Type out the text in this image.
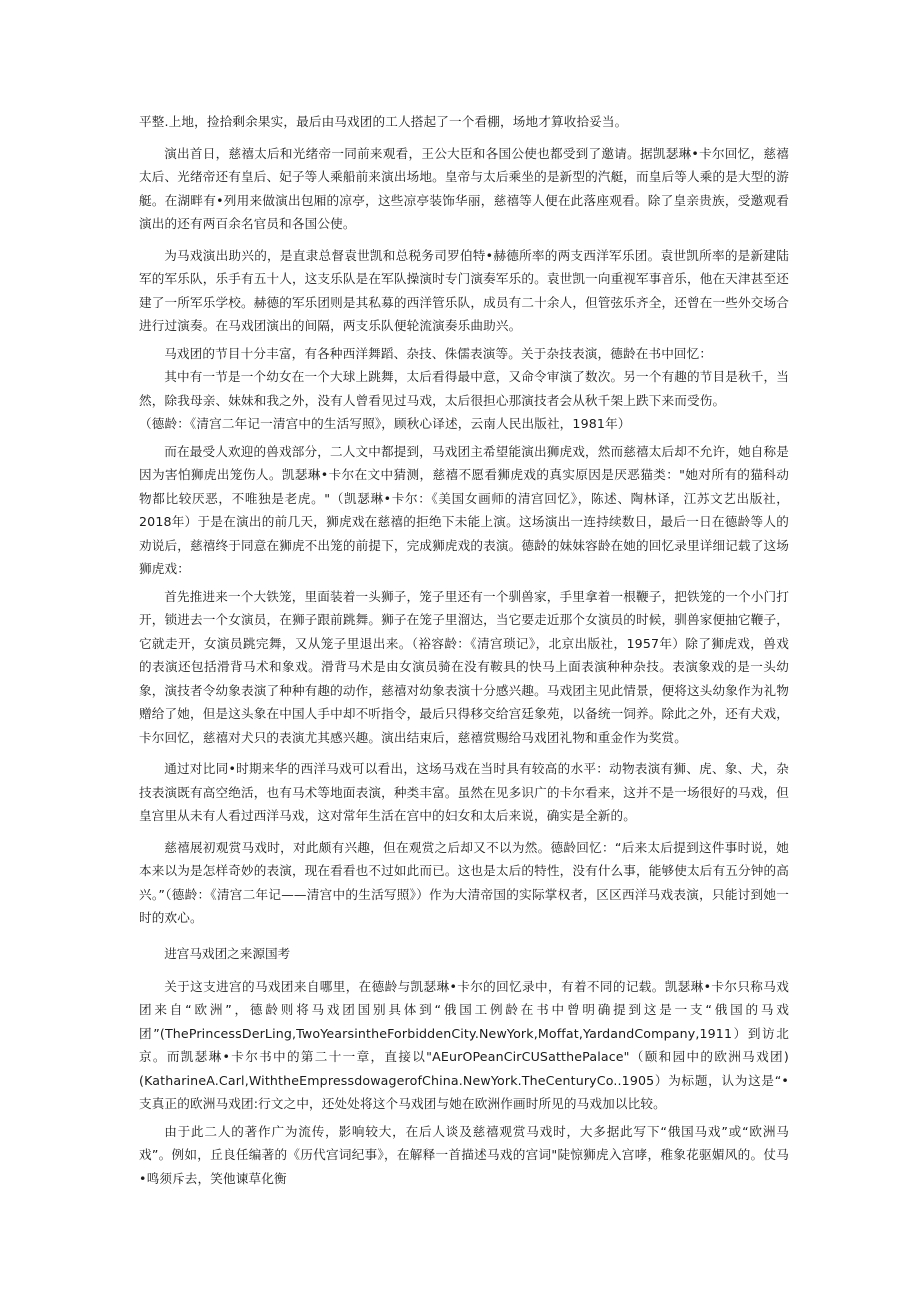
平整.上地，捡拾剩余果实，最后由马戏团的工人搭起了一个看棚，场地才算收拾妥当。

演出首日，慈禧太后和光绪帝一同前来观看，王公大臣和各国公使也都受到了邀请。据凯瑟琳•卡尔回忆，慈禧太后、光绪帝还有皇后、妃子等人乘船前来演出场地。皇帝与太后乘坐的是新型的汽艇，而皇后等人乘的是大型的游艇。在湖畔有•列用来做演出包厢的凉亭，这些凉亭装饰华丽，慈禧等人便在此落座观看。除了皇亲贵族，受邀观看演出的还有两百余名官员和各国公使。

为马戏演出助兴的，是直隶总督袁世凯和总税务司罗伯特•赫德所率的两支西洋军乐团。袁世凯所率的是新建陆军的军乐队，乐手有五十人，这支乐队是在军队操演时专门演奏军乐的。袁世凯一向重视军事音乐，他在天津甚至还建了一所军乐学校。赫德的军乐团则是其私募的西洋管乐队，成员有二十余人，但管弦乐齐全，还曾在一些外交场合进行过演奏。在马戏团演出的间隔，两支乐队便轮流演奏乐曲助兴。

马戏团的节目十分丰富，有各种西洋舞蹈、杂技、侏儒表演等。关于杂技表演，德龄在书中回忆：

其中有一节是一个幼女在一个大球上跳舞，太后看得最中意，又命令审演了数次。另一个有趣的节目是秋千，当然，除我母亲、妹妹和我之外，没有人曾看见过马戏，太后很担心那演技者会从秋千架上跌下来而受伤。

（德龄：《清宫二年记一清宫中的生活写照》，顾秋心译述，云南人民出版社，1981年）

而在最受人欢迎的兽戏部分，二人文中都提到，马戏团主希望能演出狮虎戏，然而慈禧太后却不允许，她自称是因为害怕狮虎出笼伤人。凯瑟琳•卡尔在文中猜测，慈禧不愿看狮虎戏的真实原因是厌恶猫类："她对所有的猫科动物都比较厌恶，不唯独是老虎。"（凯瑟琳•卡尔：《美国女画师的清宫回忆》，陈述、陶林译，江苏文艺出版社，2018年）于是在演出的前几天，狮虎戏在慈禧的拒绝下未能上演。这场演出一连持续数日，最后一日在德龄等人的劝说后，慈禧终于同意在狮虎不出笼的前提下，完成狮虎戏的表演。德龄的妹妹容龄在她的回忆录里详细记载了这场狮虎戏：

首先推进来一个大铁笼，里面装着一头狮子，笼子里还有一个驯兽家，手里拿着一根鞭子，把铁笼的一个小门打开，锁进去一个女演员，在狮子跟前跳舞。狮子在笼子里溜达，当它要走近那个女演员的时候，驯兽家便抽它鞭子，它就走开，女演员跳完舞，又从笼子里退出来。（裕容龄：《清宫琐记》，北京出版社，1957年）除了狮虎戏，兽戏的表演还包括滑背马术和象戏。滑背马术是由女演员骑在没有鞍具的快马上面表演种种杂技。表演象戏的是一头幼象，演技者令幼象表演了种种有趣的动作，慈禧对幼象表演十分感兴趣。马戏团主见此情景，便将这头幼象作为礼物赠给了她，但是这头象在中国人手中却不听指令，最后只得移交给宫廷象苑，以备统一饲养。除此之外，还有犬戏，卡尔回忆，慈禧对犬只的表演尤其感兴趣。演出结束后，慈禧赏赐给马戏团礼物和重金作为奖赏。

通过对比同•时期来华的西洋马戏可以看出，这场马戏在当时具有较高的水平：动物表演有狮、虎、象、犬，杂技表演既有高空绝活，也有马术等地面表演，种类丰富。虽然在见多识广的卡尔看来，这并不是一场很好的马戏，但皇宫里从未有人看过西洋马戏，这对常年生活在宫中的妇女和太后来说，确实是全新的。

慈禧展初观赏马戏时，对此颇有兴趣，但在观赏之后却又不以为然。德龄回忆：“后来太后提到这件事时说，她本来以为是怎样奇妙的表演，现在看看也不过如此而已。这也是太后的特性，没有什么事，能够使太后有五分钟的高兴。”（德龄：《清宫二年记——清宫中的生活写照》）作为大清帝国的实际掌权者，区区西洋马戏表演，只能讨到她一时的欢心。

进宫马戏团之来源国考

关于这支进宫的马戏团来自哪里，在德龄与凯瑟琳•卡尔的回忆录中，有着不同的记载。凯瑟琳•卡尔只称马戏团来自“欧洲”，德龄则将马戏团国别具体到“俄国工例龄在书中曾明确提到这是一支“俄国的马戏团”(ThePrincessDerLing,TwoYearsintheForbiddenCity.NewYork,Moffat,YardandCompany,1911）到访北京。而凯瑟琳•卡尔书中的第二十一章，直接以"AEurOPeanCirCUSatthePalace"（颐和园中的欧洲马戏团)(KatharineA.Carl,WiththeEmpressdowagerofChina.NewYork.TheCenturyCo..1905）为标题，认为这是“•支真正的欧洲马戏团:行文之中，还处处将这个马戏团与她在欧洲作画时所见的马戏加以比较。

由于此二人的著作广为流传，影响较大，在后人谈及慈禧观赏马戏时，大多据此写下“俄国马戏”或“欧洲马戏”。例如，丘良任编著的《历代宫词纪事》，在解释一首描述马戏的宫词"陡惊狮虎入宫哮，稚象花驱媚风的。仗马•鸣须斥去，笑他谏草化衡
